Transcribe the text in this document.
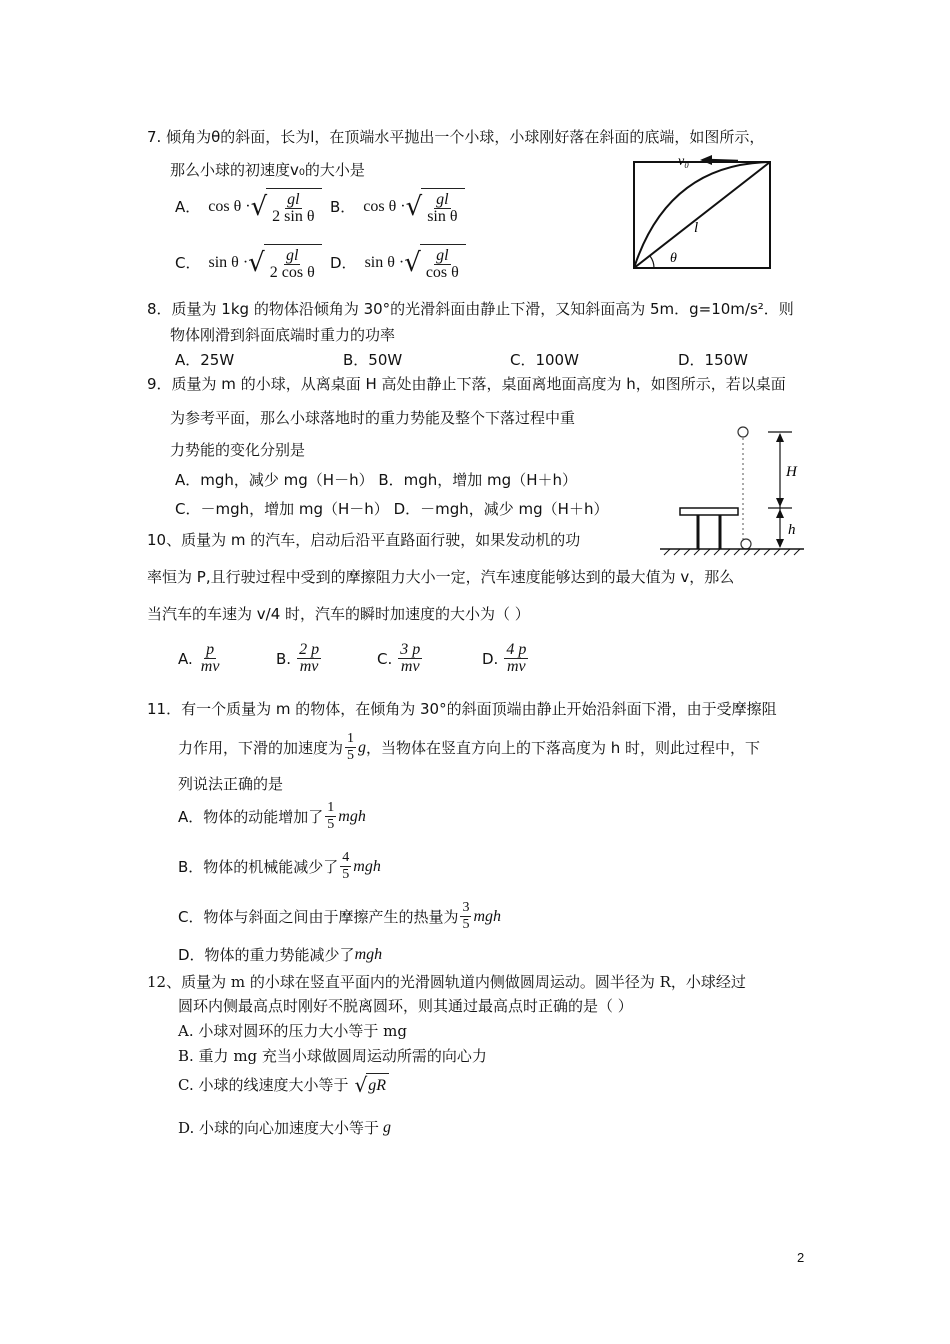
7. 倾角为θ的斜面，长为l，在顶端水平抛出一个小球，小球刚好落在斜面的底端，如图所示，
那么小球的初速度v₀的大小是
A． cos θ · √ $\frac{gl}{\text{2 sin θ}}$ B． cos θ · √ $\frac{gl}{\text{sin θ}}$
C． sin θ · √ $\frac{gl}{\text{2 cos θ}}$ D． sin θ · √ $\frac{gl}{\text{cos θ}}$
v₀
l
θ
8．质量为 1kg 的物体沿倾角为 30°的光滑斜面由静止下滑，又知斜面高为 5m．g=10m/s²．则
物体刚滑到斜面底端时重力的功率
A．25W	B．50W	C．100W	D．150W
9．质量为 m 的小球，从离桌面 H 高处由静止下落，桌面离地面高度为 h，如图所示，若以桌面
为参考平面，那么小球落地时的重力势能及整个下落过程中重
力势能的变化分别是
A．mgh，减少 mg（H－h） B．mgh，增加 mg（H＋h）
C．－mgh，增加 mg（H－h） D．－mgh，减少 mg（H＋h）
H
h
10、质量为 m 的汽车，启动后沿平直路面行驶，如果发动机的功
率恒为 P,且行驶过程中受到的摩擦阻力大小一定，汽车速度能够达到的最大值为 v，那么
当汽车的车速为 v/4 时，汽车的瞬时加速度的大小为（ ）
A. $\frac{p}{mv}$	B. $\frac{2 p}{mv}$	C. $\frac{3 p}{mv}$	D. $\frac{4 p}{mv}$
11．有一个质量为 m 的物体，在倾角为 30°的斜面顶端由静止开始沿斜面下滑，由于受摩擦阻
力作用，下滑的加速度为 $\frac{1}{5}$ g ，当物体在竖直方向上的下落高度为 h 时，则此过程中，下
列说法正确的是
A．物体的动能增加了 $\frac{1}{5}$ mgh
B．物体的机械能减少了 $\frac{4}{5}$ mgh
C．物体与斜面之间由于摩擦产生的热量为 $\frac{3}{5}$ mgh
D．物体的重力势能减少了 mgh
12、质量为 m 的小球在竖直平面内的光滑圆轨道内侧做圆周运动。圆半径为 R，小球经过
圆环内侧最高点时刚好不脱离圆环，则其通过最高点时正确的是（ ）
A. 小球对圆环的压力大小等于 mg
B. 重力 mg 充当小球做圆周运动所需的向心力
C. 小球的线速度大小等于 √ gR
D. 小球的向心加速度大小等于 g
2
